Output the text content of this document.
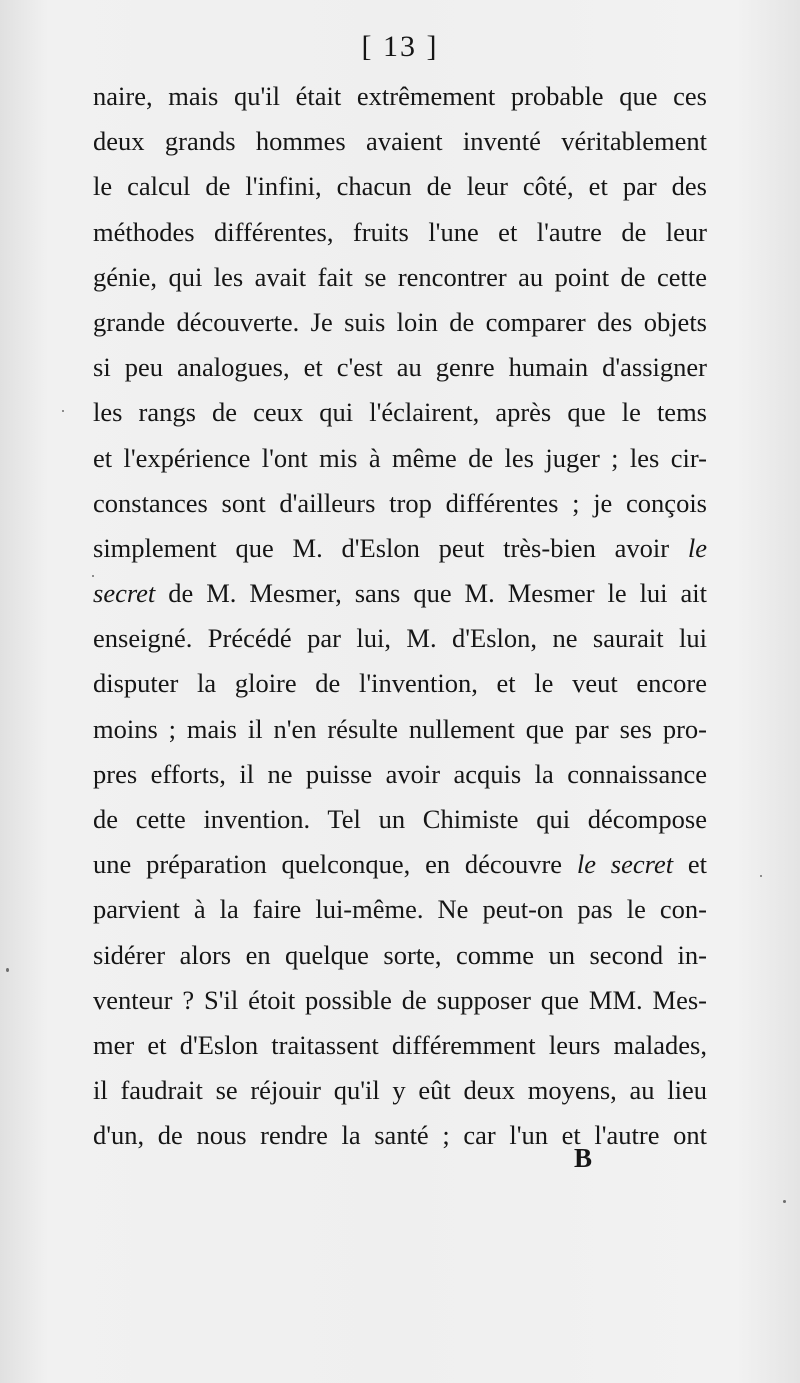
[ 13 ]
naire, mais qu'il était extrêmement probable que ces
deux grands hommes avaient inventé véritablement
le calcul de l'infini, chacun de leur côté, et par des
méthodes différentes, fruits l'une et l'autre de leur
génie, qui les avait fait se rencontrer au point de cette
grande découverte. Je suis loin de comparer des objets
si peu analogues, et c'est au genre humain d'assigner
les rangs de ceux qui l'éclairent, après que le tems
et l'expérience l'ont mis à même de les juger ; les cir-
constances sont d'ailleurs trop différentes ; je conçois
simplement que M. d'Eslon peut très-bien avoir le
secret de M. Mesmer, sans que M. Mesmer le lui ait
enseigné. Précédé par lui, M. d'Eslon, ne saurait lui
disputer la gloire de l'invention, et le veut encore
moins ; mais il n'en résulte nullement que par ses pro-
pres efforts, il ne puisse avoir acquis la connaissance
de cette invention. Tel un Chimiste qui décompose
une préparation quelconque, en découvre le secret et
parvient à la faire lui-même. Ne peut-on pas le con-
sidérer alors en quelque sorte, comme un second in-
venteur ? S'il étoit possible de supposer que MM. Mes-
mer et d'Eslon traitassent différemment leurs malades,
il faudrait se réjouir qu'il y eût deux moyens, au lieu
d'un, de nous rendre la santé ; car l'un et l'autre ont
B
